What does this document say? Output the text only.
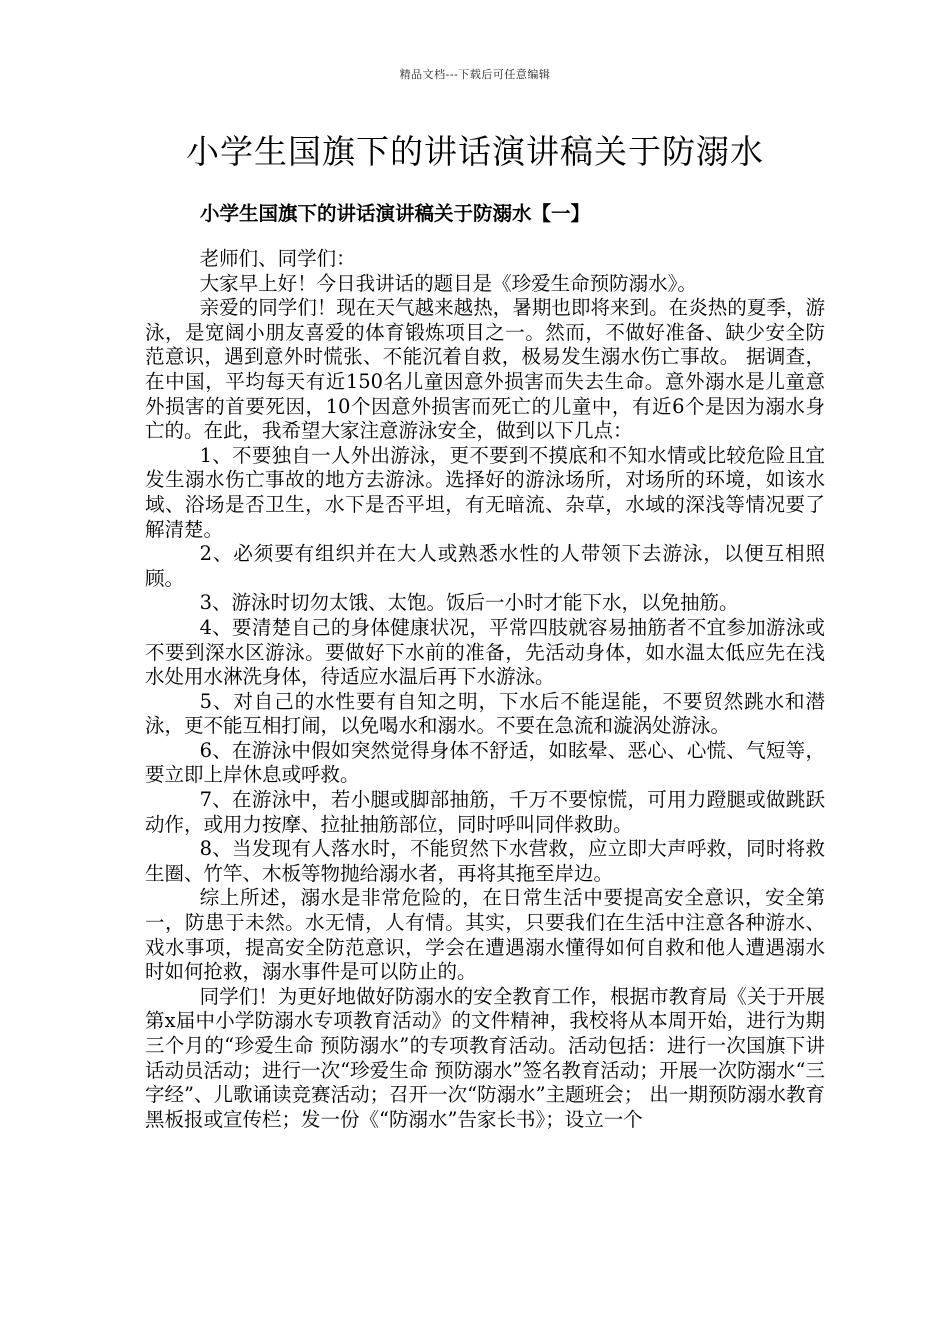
精品文档---下载后可任意编辑
小学生国旗下的讲话演讲稿关于防溺水
小学生国旗下的讲话演讲稿关于防溺水【一】

老师们、同学们：

大家早上好！今日我讲话的题目是《珍爱生命预防溺水》。

亲爱的同学们！现在天气越来越热，暑期也即将来到。在炎热的夏季，游泳，是宽阔小朋友喜爱的体育锻炼项目之一。然而，不做好准备、缺少安全防范意识，遇到意外时慌张、不能沉着自救，极易发生溺水伤亡事故。 据调查，在中国，平均每天有近150名儿童因意外损害而失去生命。意外溺水是儿童意外损害的首要死因，10个因意外损害而死亡的儿童中，有近6个是因为溺水身亡的。在此，我希望大家注意游泳安全，做到以下几点：

1、不要独自一人外出游泳，更不要到不摸底和不知水情或比较危险且宜发生溺水伤亡事故的地方去游泳。选择好的游泳场所，对场所的环境，如该水域、浴场是否卫生，水下是否平坦，有无暗流、杂草，水域的深浅等情况要了解清楚。

2、必须要有组织并在大人或熟悉水性的人带领下去游泳，以便互相照顾。

3、游泳时切勿太饿、太饱。饭后一小时才能下水，以免抽筋。

4、要清楚自己的身体健康状况，平常四肢就容易抽筋者不宜参加游泳或不要到深水区游泳。要做好下水前的准备，先活动身体，如水温太低应先在浅水处用水淋洗身体，待适应水温后再下水游泳。

5、对自己的水性要有自知之明，下水后不能逞能，不要贸然跳水和潜泳，更不能互相打闹，以免喝水和溺水。不要在急流和漩涡处游泳。

6、在游泳中假如突然觉得身体不舒适，如眩晕、恶心、心慌、气短等，要立即上岸休息或呼救。

7、在游泳中，若小腿或脚部抽筋，千万不要惊慌，可用力蹬腿或做跳跃动作，或用力按摩、拉扯抽筋部位，同时呼叫同伴救助。

8、当发现有人落水时，不能贸然下水营救，应立即大声呼救，同时将救生圈、竹竿、木板等物抛给溺水者，再将其拖至岸边。

综上所述，溺水是非常危险的，在日常生活中要提高安全意识，安全第一，防患于未然。水无情，人有情。其实，只要我们在生活中注意各种游水、戏水事项，提高安全防范意识，学会在遭遇溺水懂得如何自救和他人遭遇溺水时如何抢救，溺水事件是可以防止的。

同学们！为更好地做好防溺水的安全教育工作，根据市教育局《关于开展第x届中小学防溺水专项教育活动》的文件精神，我校将从本周开始，进行为期三个月的“珍爱生命 预防溺水”的专项教育活动。活动包括：进行一次国旗下讲话动员活动；进行一次“珍爱生命 预防溺水”签名教育活动；开展一次防溺水“三字经”、儿歌诵读竞赛活动；召开一次“防溺水”主题班会； 出一期预防溺水教育黑板报或宣传栏；发一份《“防溺水”告家长书》；设立一个
